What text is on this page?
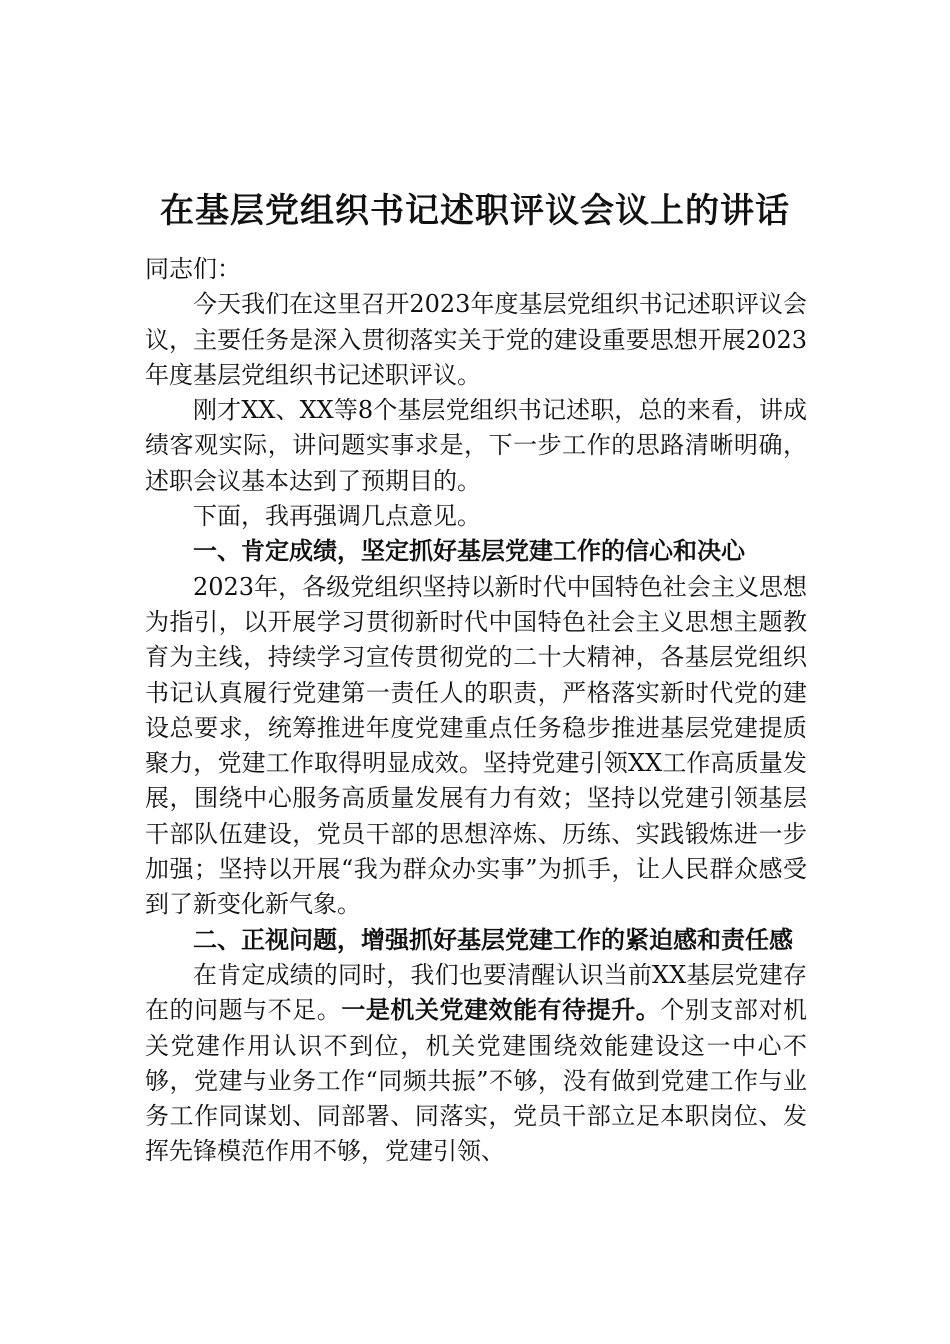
在基层党组织书记述职评议会议上的讲话

同志们：

今天我们在这里召开2023年度基层党组织书记述职评议会议，主要任务是深入贯彻落实关于党的建设重要思想开展2023年度基层党组织书记述职评议。

刚才XX、XX等8个基层党组织书记述职，总的来看，讲成绩客观实际，讲问题实事求是，下一步工作的思路清晰明确，述职会议基本达到了预期目的。

下面，我再强调几点意见。

一、肯定成绩，坚定抓好基层党建工作的信心和决心

2023年，各级党组织坚持以新时代中国特色社会主义思想为指引，以开展学习贯彻新时代中国特色社会主义思想主题教育为主线，持续学习宣传贯彻党的二十大精神，各基层党组织书记认真履行党建第一责任人的职责，严格落实新时代党的建设总要求，统筹推进年度党建重点任务稳步推进基层党建提质聚力，党建工作取得明显成效。坚持党建引领XX工作高质量发展，围绕中心服务高质量发展有力有效；坚持以党建引领基层干部队伍建设，党员干部的思想淬炼、历练、实践锻炼进一步加强；坚持以开展“我为群众办实事”为抓手，让人民群众感受到了新变化新气象。

二、正视问题，增强抓好基层党建工作的紧迫感和责任感

在肯定成绩的同时，我们也要清醒认识当前XX基层党建存在的问题与不足。一是机关党建效能有待提升。个别支部对机关党建作用认识不到位，机关党建围绕效能建设这一中心不够，党建与业务工作“同频共振”不够，没有做到党建工作与业务工作同谋划、同部署、同落实，党员干部立足本职岗位、发挥先锋模范作用不够，党建引领、
